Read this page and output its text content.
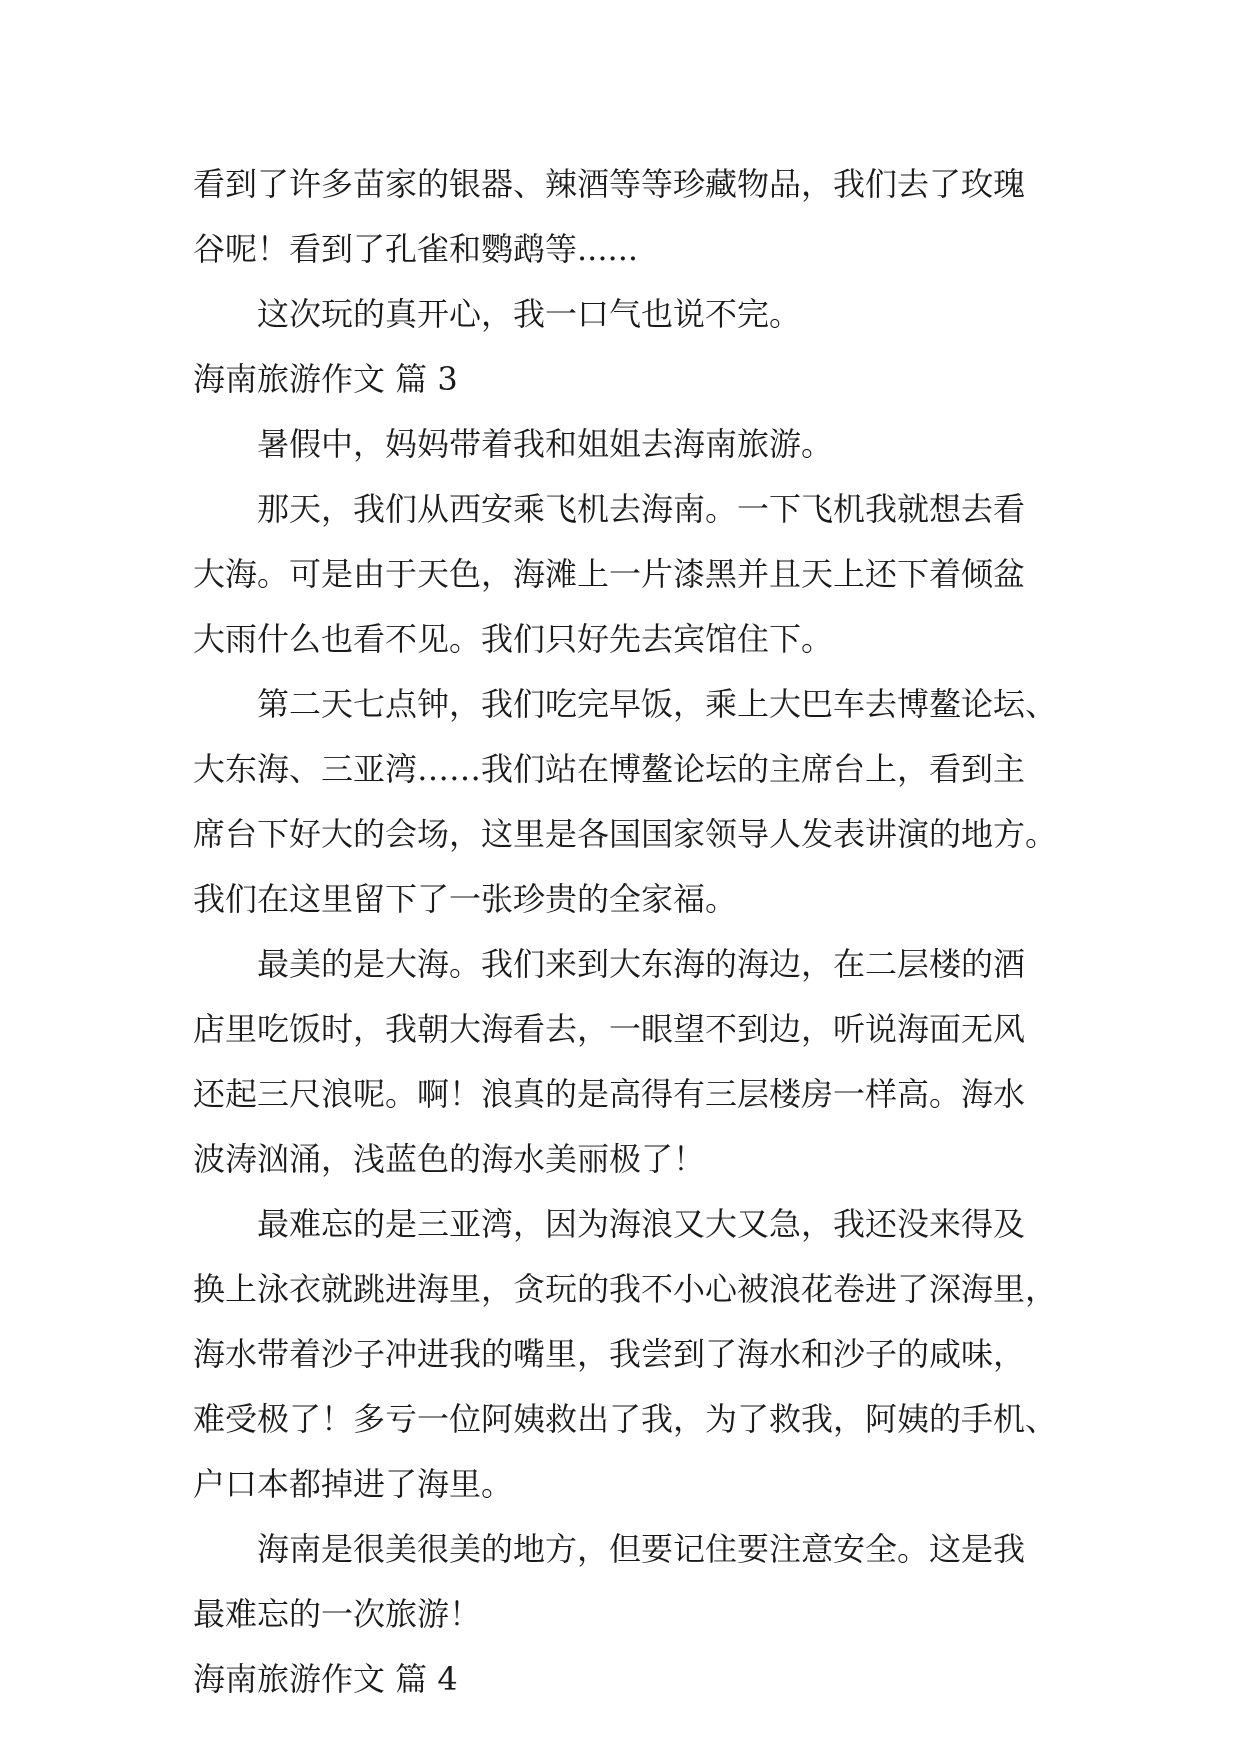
看到了许多苗家的银器、辣酒等等珍藏物品，我们去了玫瑰
谷呢！看到了孔雀和鹦鹉等......
这次玩的真开心，我一口气也说不完。
海南旅游作文 篇 3
暑假中，妈妈带着我和姐姐去海南旅游。
那天，我们从西安乘飞机去海南。一下飞机我就想去看
大海。可是由于天色，海滩上一片漆黑并且天上还下着倾盆
大雨什么也看不见。我们只好先去宾馆住下。
第二天七点钟，我们吃完早饭，乘上大巴车去博鳌论坛、
大东海、三亚湾……我们站在博鳌论坛的主席台上，看到主
席台下好大的会场，这里是各国国家领导人发表讲演的地方。
我们在这里留下了一张珍贵的全家福。
最美的是大海。我们来到大东海的海边，在二层楼的酒
店里吃饭时，我朝大海看去，一眼望不到边，听说海面无风
还起三尺浪呢。啊！浪真的是高得有三层楼房一样高。海水
波涛汹涌，浅蓝色的海水美丽极了！
最难忘的是三亚湾，因为海浪又大又急，我还没来得及
换上泳衣就跳进海里，贪玩的我不小心被浪花卷进了深海里，
海水带着沙子冲进我的嘴里，我尝到了海水和沙子的咸味，
难受极了！多亏一位阿姨救出了我，为了救我，阿姨的手机、
户口本都掉进了海里。
海南是很美很美的地方，但要记住要注意安全。这是我
最难忘的一次旅游！
海南旅游作文 篇 4
